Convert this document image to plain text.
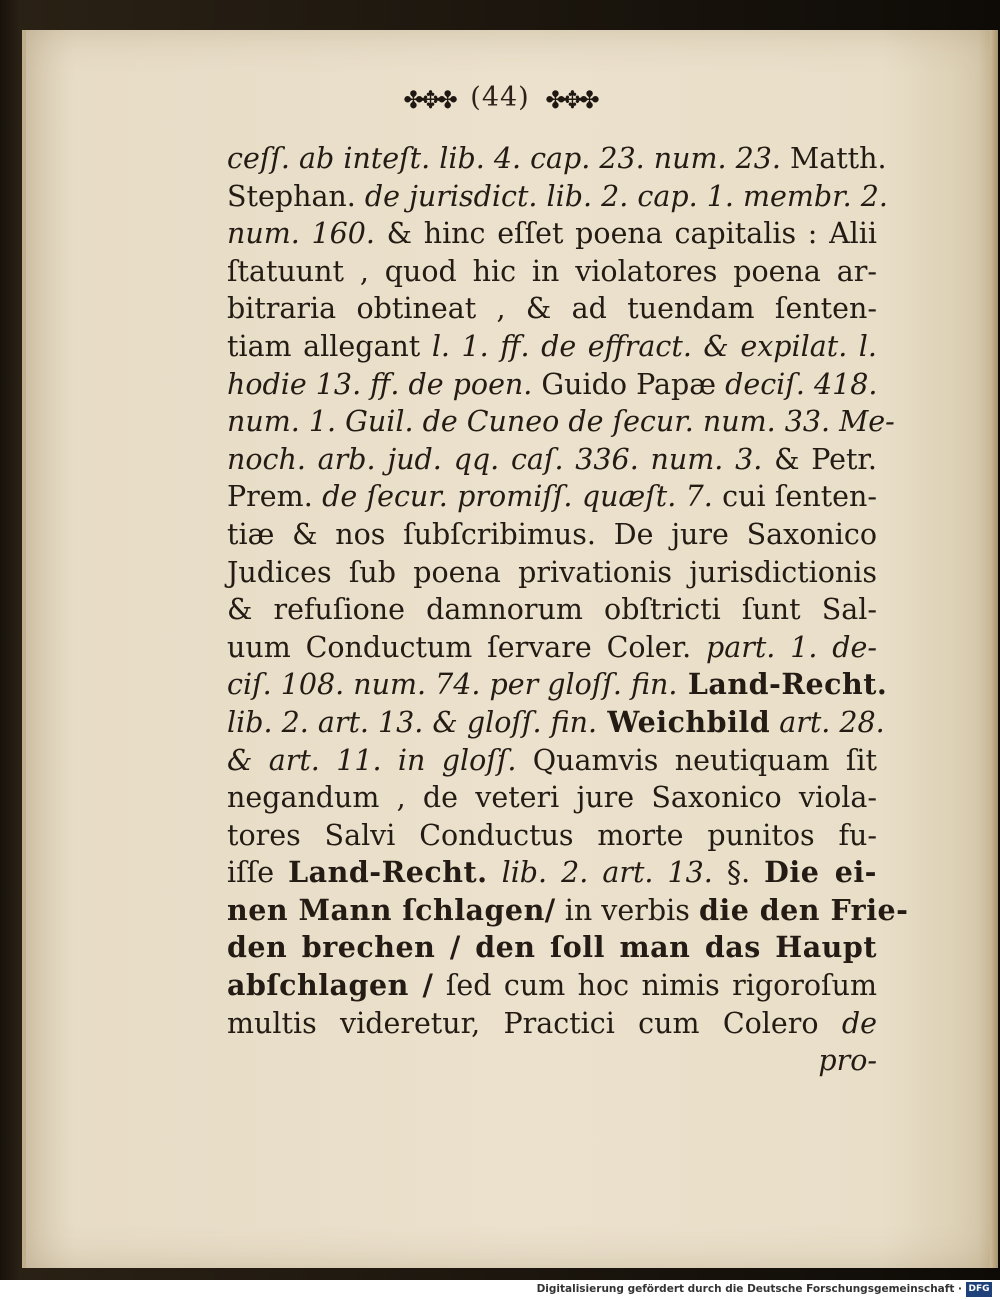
✤✥✤ (44) ✤✥✤
ceſſ. ab inteſt. lib. 4. cap. 23. num. 23. Matth.
Stephan. de jurisdict. lib. 2. cap. 1. membr. 2.
num. 160. & hinc eſſet poena capitalis : Alii
ſtatuunt , quod hic in violatores poena ar-
bitraria obtineat , & ad tuendam ſenten-
tiam allegant l. 1. ff. de effract. & expilat. l.
hodie 13. ff. de poen. Guido Papæ deciſ. 418.
num. 1. Guil. de Cuneo de ſecur. num. 33. Me-
noch. arb. jud. qq. caſ. 336. num. 3. & Petr.
Prem. de ſecur. promiſſ. quæſt. 7. cui ſenten-
tiæ & nos ſubſcribimus. De jure Saxonico
Judices ſub poena privationis jurisdictionis
& refuſione damnorum obſtricti ſunt Sal-
uum Conductum ſervare Coler. part. 1. de-
ciſ. 108. num. 74. per gloſſ. fin. Land-Recht.
lib. 2. art. 13. & gloſſ. fin. Weichbild art. 28.
& art. 11. in gloſſ. Quamvis neutiquam ſit
negandum , de veteri jure Saxonico viola-
tores Salvi Conductus morte punitos fu-
iſſe Land-Recht. lib. 2. art. 13. §. Die ei-
nen Mann ſchlagen/ in verbis die den Frie-
den brechen / den ſoll man das Haupt
abſchlagen / ſed cum hoc nimis rigoroſum
multis videretur, Practici cum Colero de
pro-
Digitalisierung gefördert durch die Deutsche Forschungsgemeinschaft · DFG
